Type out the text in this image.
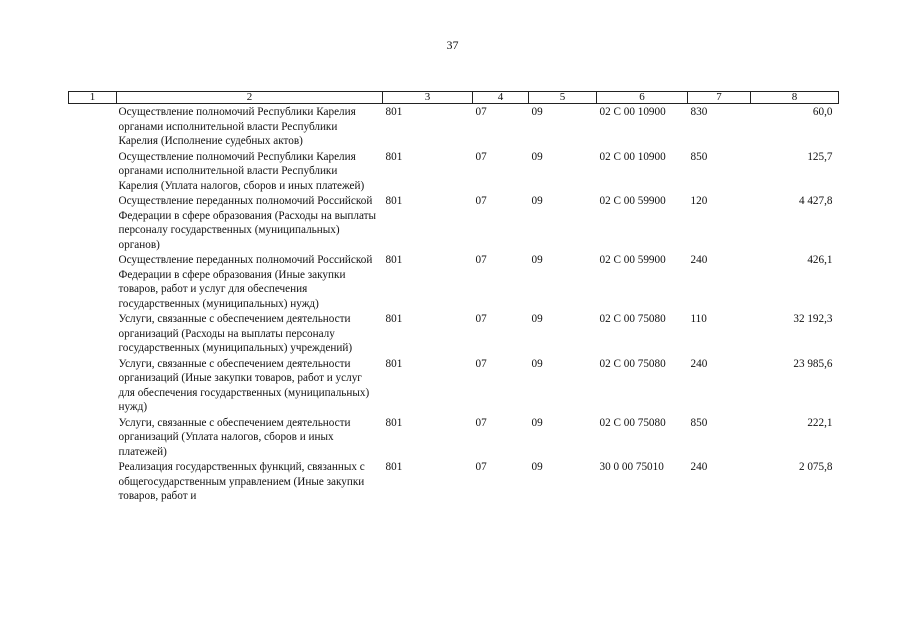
37
1	2	3	4	5	6	7	8
	Осуществление полномочий Республики Карелия органами исполнительной власти Республики Карелия (Исполнение судебных актов)	801	07	09	02 С 00 10900	830	60,0
	Осуществление полномочий Республики Карелия органами исполнительной власти Республики Карелия (Уплата налогов, сборов и иных платежей)	801	07	09	02 С 00 10900	850	125,7
	Осуществление переданных полномочий Российской Федерации в сфере образования (Расходы на выплаты персоналу государственных (муниципальных) органов)	801	07	09	02 С 00 59900	120	4 427,8
	Осуществление переданных полномочий Российской Федерации в сфере образования (Иные закупки товаров, работ и услуг для обеспечения государственных (муниципальных) нужд)	801	07	09	02 С 00 59900	240	426,1
	Услуги, связанные с обеспечением деятельности организаций (Расходы на выплаты персоналу государственных (муниципальных) учреждений)	801	07	09	02 С 00 75080	110	32 192,3
	Услуги, связанные с обеспечением деятельности организаций (Иные закупки товаров, работ и услуг для обеспечения государственных (муниципальных) нужд)	801	07	09	02 С 00 75080	240	23 985,6
	Услуги, связанные с обеспечением деятельности организаций (Уплата налогов, сборов и иных платежей)	801	07	09	02 С 00 75080	850	222,1
	Реализация государственных функций, связанных с общегосударственным управлением (Иные закупки товаров, работ и	801	07	09	30 0 00 75010	240	2 075,8
